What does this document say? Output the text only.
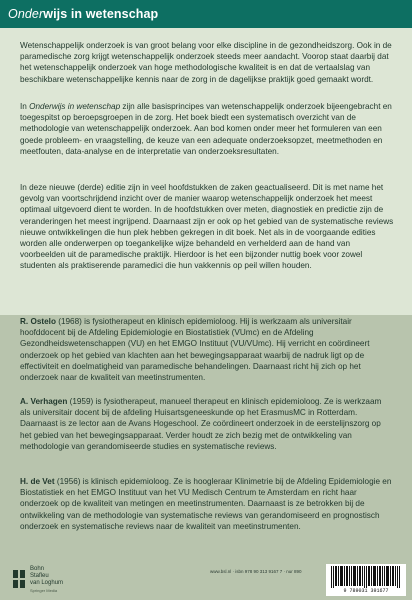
Onderwijs in wetenschap

Wetenschappelijk onderzoek is van groot belang voor elke discipline in de gezondheidszorg. Ook in de paramedische zorg krijgt wetenschappelijk onderzoek steeds meer aandacht. Voorop staat daarbij dat het wetenschappelijk onderzoek van hoge methodologische kwaliteit is en dat de vertaalslag van beschikbare wetenschappelijke kennis naar de zorg in de dagelijkse praktijk goed gemaakt wordt.

In Onderwijs in wetenschap zijn alle basisprincipes van wetenschappelijk onderzoek bijeengebracht en toegespitst op beroepsgroepen in de zorg. Het boek biedt een systematisch overzicht van de methodologie van wetenschappelijk onderzoek. Aan bod komen onder meer het formuleren van een goede probleem- en vraagstelling, de keuze van een adequate onderzoeksopzet, meetmethoden en meetfouten, data-analyse en de interpretatie van onderzoeksresultaten.

In deze nieuwe (derde) editie zijn in veel hoofdstukken de zaken geactualiseerd. Dit is met name het gevolg van voortschrijdend inzicht over de manier waarop wetenschappelijk onderzoek het meest optimaal uitgevoerd dient te worden. In de hoofdstukken over meten, diagnostiek en predictie zijn de veranderingen het meest ingrijpend. Daarnaast zijn er ook op het gebied van de systematische reviews nieuwe ontwikkelingen die hun plek hebben gekregen in dit boek. Net als in de voorgaande edities worden alle onderwerpen op toegankelijke wijze behandeld en verhelderd aan de hand van voorbeelden uit de paramedische praktijk. Hierdoor is het een bijzonder nuttig boek voor zowel studenten als praktiserende paramedici die hun vakkennis op peil willen houden.

R. Ostelo (1968) is fysiotherapeut en klinisch epidemioloog. Hij is werkzaam als universitair hoofddocent bij de Afdeling Epidemiologie en Biostatistiek (VUmc) en de Afdeling Gezondheidswetenschappen (VU) en het EMGO Instituut (VU/VUmc). Hij verricht en coördineert onderzoek op het gebied van klachten aan het bewegingsapparaat waarbij de nadruk ligt op de effectiviteit en doelmatigheid van paramedische behandelingen. Daarnaast richt hij zich op het onderzoek naar de kwaliteit van meetinstrumenten.

A. Verhagen (1959) is fysiotherapeut, manueel therapeut en klinisch epidemioloog. Ze is werkzaam als universitair docent bij de afdeling Huisartsgeneeskunde op het ErasmusMC in Rotterdam. Daarnaast is ze lector aan de Avans Hogeschool. Ze coördineert onderzoek in de eerstelijnszorg op het gebied van het bewegingsapparaat. Verder houdt ze zich bezig met de ontwikkeling van methodologie van gerandomiseerde studies en systematische reviews.

H. de Vet (1956) is klinisch epidemioloog. Ze is hoogleraar Klinimetrie bij de Afdeling Epidemiologie en Biostatistiek en het EMGO Instituut van het VU Medisch Centrum te Amsterdam en richt haar onderzoek op de kwaliteit van metingen en meetinstrumenten. Daarnaast is ze betrokken bij de ontwikkeling van de methodologie van systematische reviews van gerandomiseerd en prognostisch onderzoek en systematische reviews naar de kwaliteit van meetinstrumenten.

Bohn
Stafleu
van Loghum
Springer Media
www.bsl.nl · isbn 978 90 313 9167 7 · nur 890
9 789031 391677
